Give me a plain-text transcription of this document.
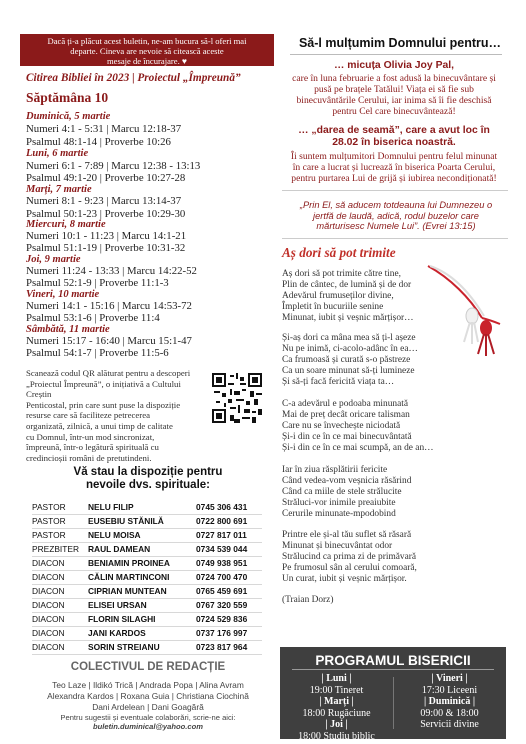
Dacă ți-a plăcut acest buletin, ne-am bucura să-l oferi mai
departe. Cineva are nevoie să citească aceste
mesaje de încurajare. ♥
Citirea Bibliei în 2023 | Proiectul „Împreună”
Săptămâna 10
Duminică, 5 martie
Numeri 4:1 - 5:31 | Marcu 12:18-37
Psalmul 48:1-14 | Proverbe 10:26
Luni, 6 martie
Numeri 6:1 - 7:89 | Marcu 12:38 - 13:13
Psalmul 49:1-20 | Proverbe 10:27-28
Marți, 7 martie
Numeri 8:1 - 9:23 | Marcu 13:14-37
Psalmul 50:1-23 | Proverbe 10:29-30
Miercuri, 8 martie
Numeri 10:1 - 11:23 | Marcu 14:1-21
Psalmul 51:1-19 | Proverbe 10:31-32
Joi, 9 martie
Numeri 11:24 - 13:33 | Marcu 14:22-52
Psalmul 52:1-9 | Proverbe 11:1-3
Vineri, 10 martie
Numeri 14:1 - 15:16 | Marcu 14:53-72
Psalmul 53:1-6 | Proverbe 11:4
Sâmbătă, 11 martie
Numeri 15:17 - 16:40 | Marcu 15:1-47
Psalmul 54:1-7 | Proverbe 11:5-6
Scanează codul QR alăturat pentru a descoperi
„Proiectul Împreună”, o inițiativă a Cultului Creștin
Penticostal, prin care sunt puse la dispoziție
resurse care să faciliteze petrecerea
organizată, zilnică, a unui timp de calitate
cu Domnul, într-un mod sincronizat,
împreună, într-o legătură spirituală cu
credincioșii români de pretutindeni.
Vă stau la dispoziție pentru
nevoile dvs. spirituale:
PASTOR	NELU FILIP	0745 306 431
PASTOR	EUSEBIU STĂNILĂ	0722 800 691
PASTOR	NELU MOISA	0727 817 011
PREZBITER RAUL DAMEAN	0734 539 044
DIACON	BENIAMIN PROINEA	0749 938 951
DIACON	CĂLIN MARTINCONI	0724 700 470
DIACON	CIPRIAN MUNTEAN	0765 459 691
DIACON	ELISEI URSAN	0767 320 559
DIACON	FLORIN SILAGHI	0724 529 836
DIACON	JANI KARDOS	0737 176 997
DIACON	SORIN STREIANU	0723 817 964
COLECTIVUL DE REDACȚIE
Teo Laze | Ildikó Trică | Andrada Popa | Alina Avram
Alexandra Kardos | Roxana Guia | Christiana Ciochină
Dani Ardelean | Dani Goagără
Pentru sugestii și eventuale colaborări, scrie-ne aici:
buletin.duminical@yahoo.com
Să-l mulțumim Domnului pentru…
… micuța Olivia Joy Pal,
care în luna februarie a fost adusă la binecuvântare și
pusă pe brațele Tatălui! Viața ei să fie sub
binecuvântările Cerului, iar inima să îi fie deschisă
pentru Cel care binecuvântează!
… „darea de seamă”, care a avut loc în
28.02 în biserica noastră.
Îi suntem mulțumitori Domnului pentru felul minunat
în care a lucrat și lucrează în biserica Poarta Cerului,
pentru purtarea Lui de grijă și iubirea necondiționată!
„Prin El, să aducem totdeauna lui Dumnezeu o
jertfă de laudă, adică, rodul buzelor care
mărturisesc Numele Lui”. (Evrei 13:15)
Aș dori să pot trimite
Aș dori să pot trimite către tine,
Plin de cântec, de lumină și de dor
Adevărul frumuseților divine,
Împletit în bucuriile senine
Minunat, iubit și veșnic mărțișor…
Și-aș dori ca mâna mea să ți-l așeze
Nu pe inimă, ci-acolo-adânc în ea…
Ca frumoasă și curată s-o păstreze
Ca un soare minunat să-ți lumineze
Și să-ți facă fericită viața ta…
C-a adevărul e podoaba minunată
Mai de preț decât oricare talisman
Care nu se învechește niciodată
Și-i din ce în ce mai binecuvântată
Și-i din ce în ce mai scumpă, an de an…
Iar în ziua răsplătirii fericite
Când vedea-vom veșnicia răsărind
Când ca miile de stele strălucite
Străluci-vor inimile preaiubite
Cerurile minunate-mpodobind
Printre ele și-al tău suflet să răsară
Minunat și binecuvântat odor
Strălucind ca prima zi de primăvară
Pe frumosul sân al cerului comoară,
Un curat, iubit și veșnic mărțișor.
(Traian Dorz)
PROGRAMUL BISERICII
| Luni |
19:00 Tineret
| Marți |
18:00 Rugăciune
| Joi |
18:00 Studiu biblic
| Vineri |
17:30 Liceeni
| Duminică |
09:00 & 18:00
Servicii divine
